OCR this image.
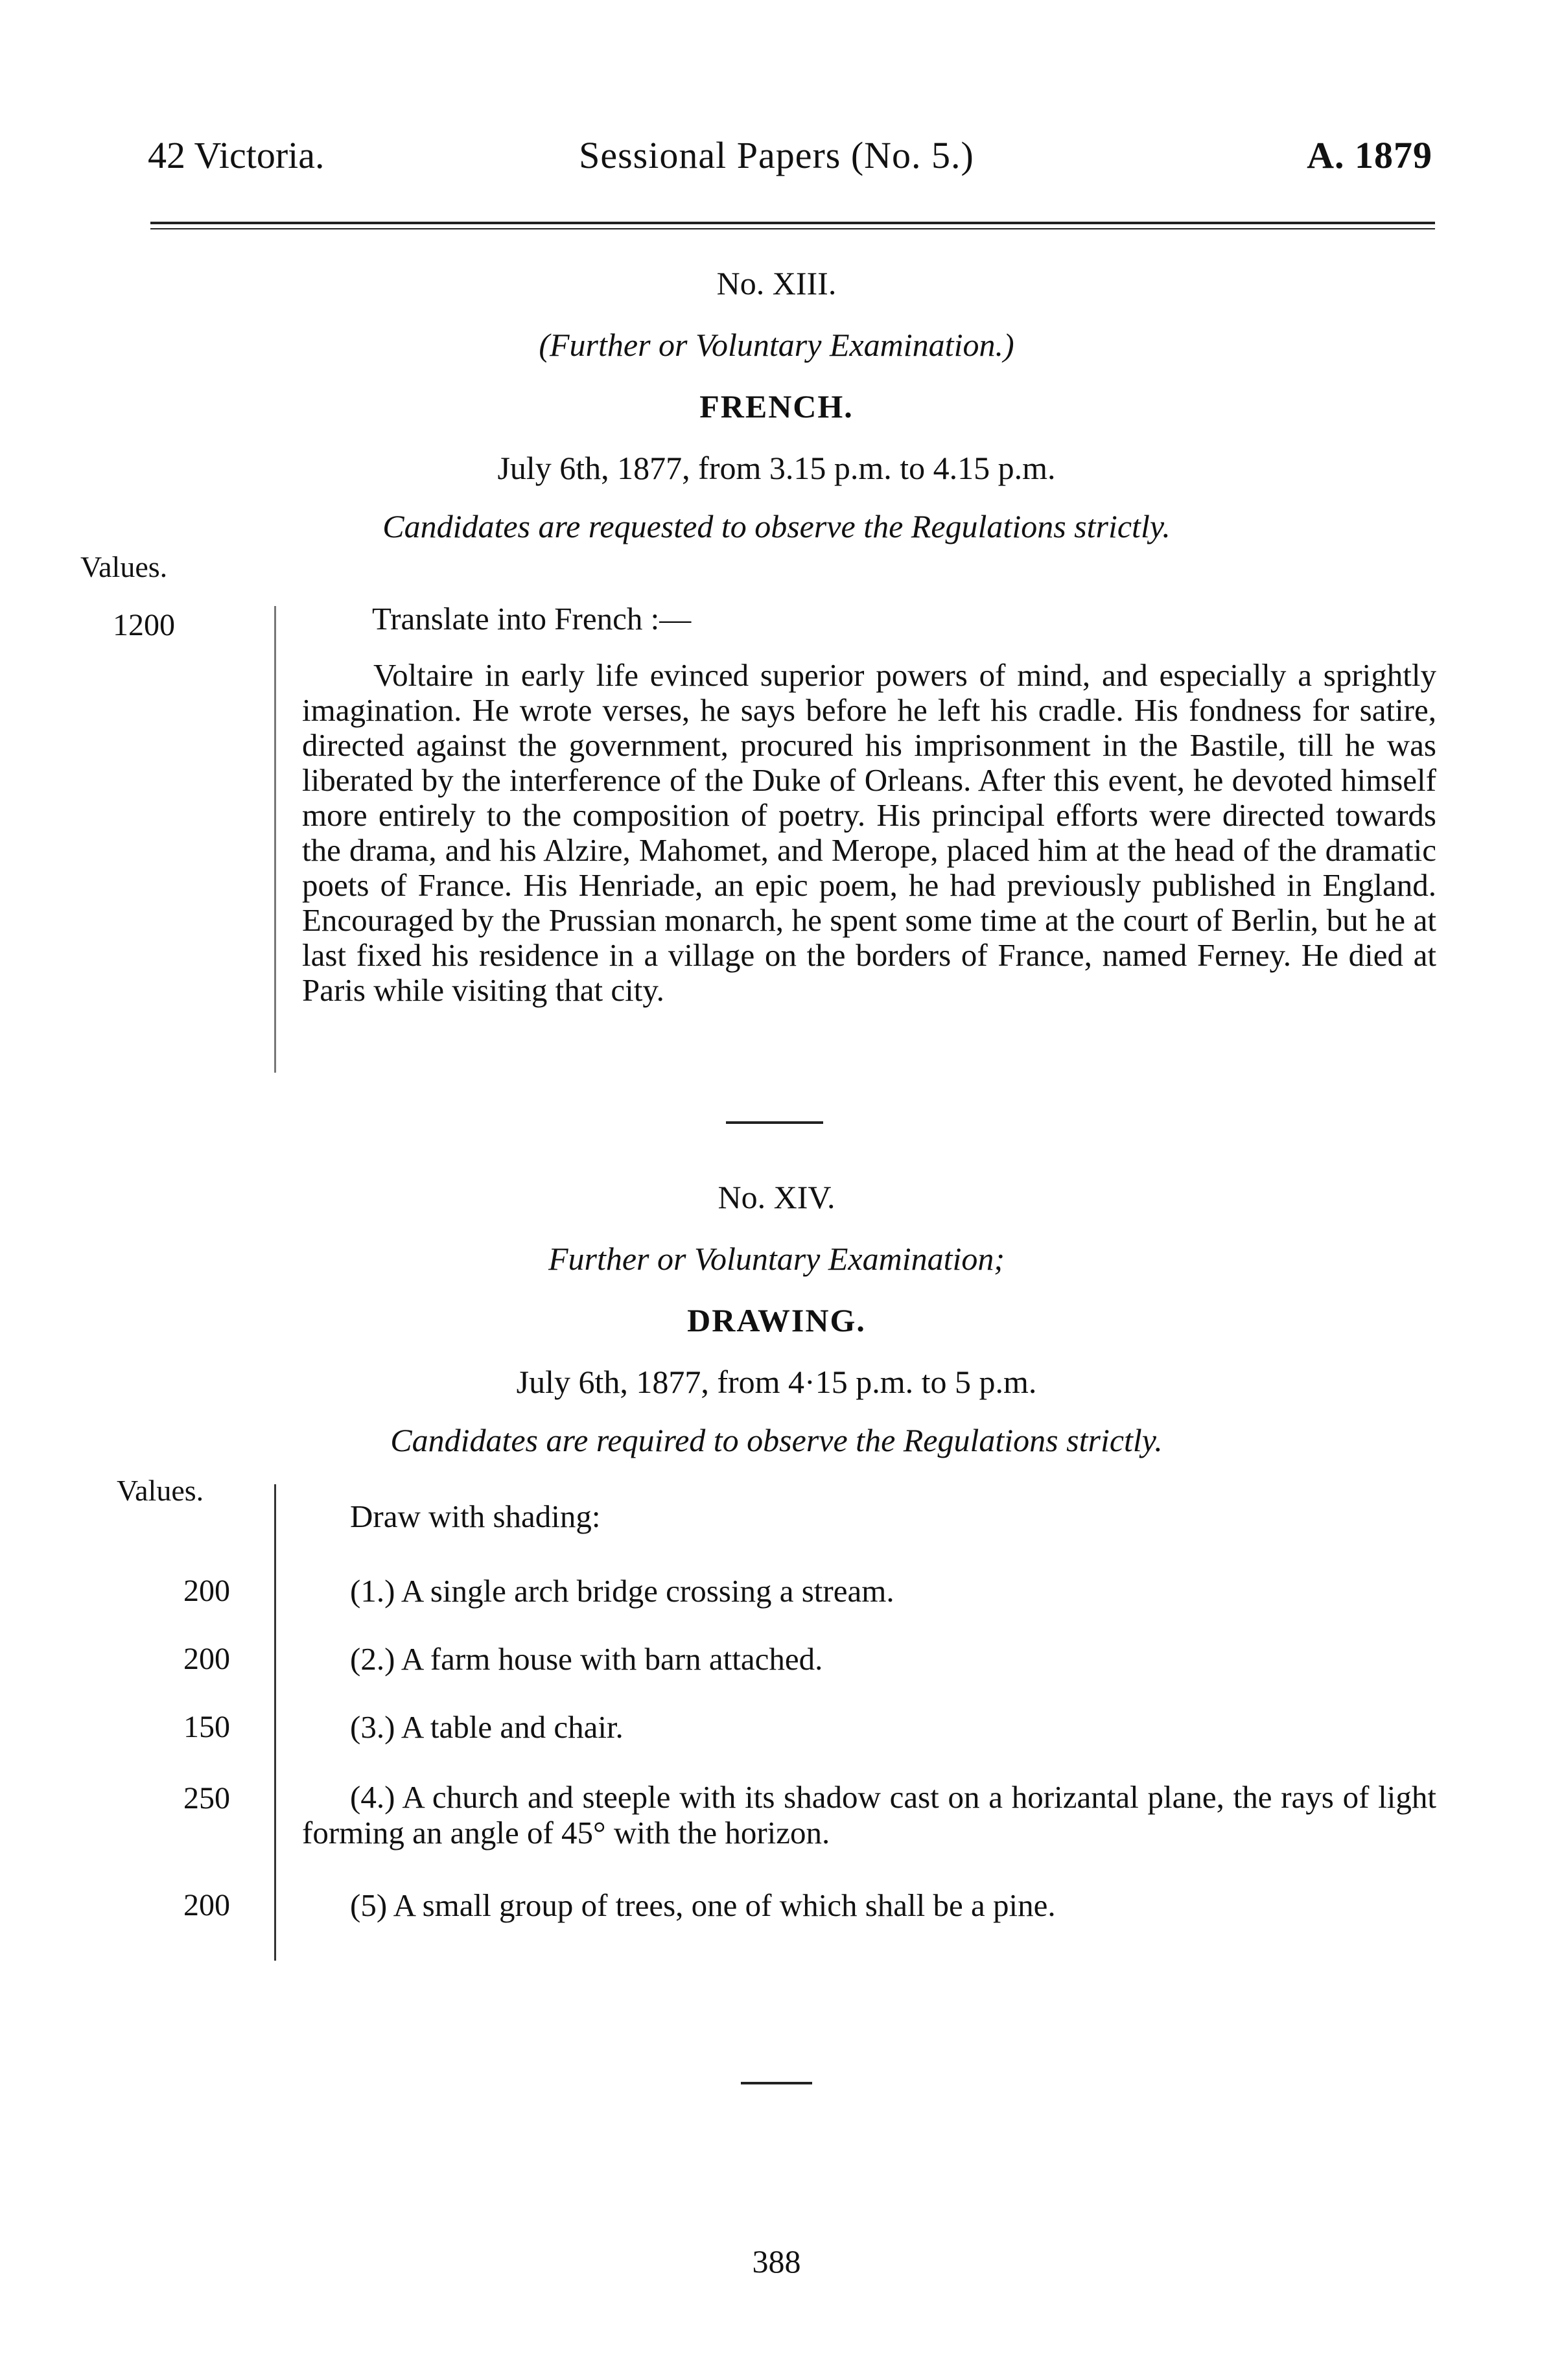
42 Victoria.	Sessional Papers (No. 5.)	A. 1879
No. XIII.
(Further or Voluntary Examination.)
FRENCH.
July 6th, 1877, from 3.15 p.m. to 4.15 p.m.
Candidates are requested to observe the Regulations strictly.
Values.
1200	Translate into French :—
Voltaire in early life evinced superior powers of mind, and especially a sprightly imagination. He wrote verses, he says before he left his cradle. His fondness for satire, directed against the government, procured his imprisonment in the Bastile, till he was liberated by the interference of the Duke of Orleans. After this event, he devoted himself more entirely to the composition of poetry. His principal efforts were directed towards the drama, and his Alzire, Mahomet, and Merope, placed him at the head of the dramatic poets of France. His Henriade, an epic poem, he had previously published in England. Encouraged by the Prussian monarch, he spent some time at the court of Berlin, but he at last fixed his residence in a village on the borders of France, named Ferney. He died at Paris while visiting that city.
No. XIV.
Further or Voluntary Examination;
DRAWING.
July 6th, 1877, from 4·15 p.m. to 5 p.m.
Candidates are required to observe the Regulations strictly.
Values.
Draw with shading:
200	(1.) A single arch bridge crossing a stream.
200	(2.) A farm house with barn attached.
150	(3.) A table and chair.
250	(4.) A church and steeple with its shadow cast on a horizantal plane, the rays of light forming an angle of 45° with the horizon.
200	(5) A small group of trees, one of which shall be a pine.
388
